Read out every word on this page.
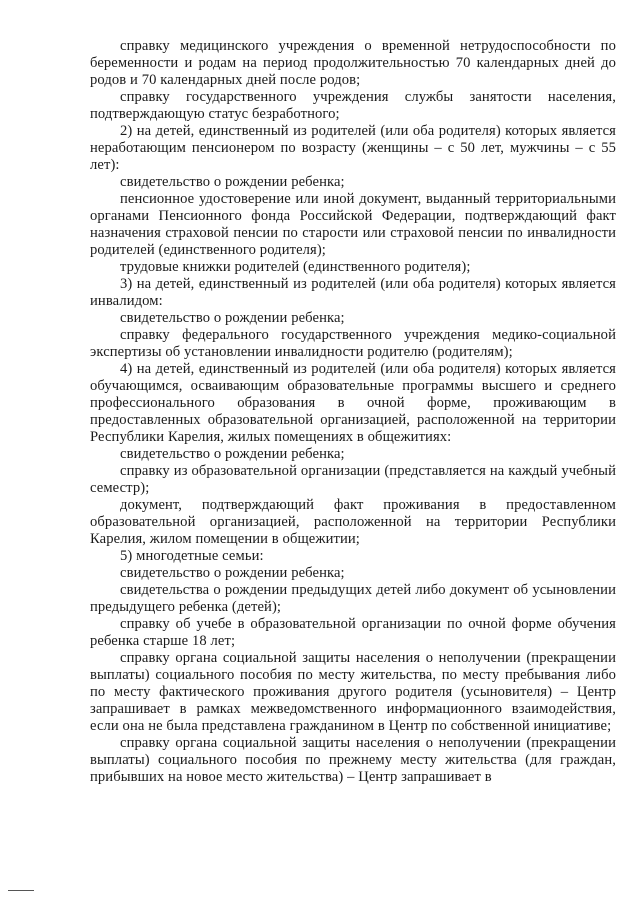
справку медицинского учреждения о временной нетрудоспособности по беременности и родам на период продолжительностью 70 календарных дней до родов и 70 календарных дней после родов;

справку государственного учреждения службы занятости населения, подтверждающую статус безработного;

2) на детей, единственный из родителей (или оба родителя) которых является неработающим пенсионером по возрасту (женщины – с 50 лет, мужчины – с 55 лет):

свидетельство о рождении ребенка;

пенсионное удостоверение или иной документ, выданный территориальными органами Пенсионного фонда Российской Федерации, подтверждающий факт назначения страховой пенсии по старости или страховой пенсии по инвалидности родителей (единственного родителя);

трудовые книжки родителей (единственного родителя);

3) на детей, единственный из родителей (или оба родителя) которых является инвалидом:

свидетельство о рождении ребенка;

справку федерального государственного учреждения медико-социальной экспертизы об установлении инвалидности родителю (родителям);

4) на детей, единственный из родителей (или оба родителя) которых является обучающимся, осваивающим образовательные программы высшего и среднего профессионального образования в очной форме, проживающим в предоставленных образовательной организацией, расположенной на территории Республики Карелия, жилых помещениях в общежитиях:

свидетельство о рождении ребенка;

справку из образовательной организации (представляется на каждый учебный семестр);

документ, подтверждающий факт проживания в предоставленном образовательной организацией, расположенной на территории Республики Карелия, жилом помещении в общежитии;

5) многодетные семьи:

свидетельство о рождении ребенка;

свидетельства о рождении предыдущих детей либо документ об усыновлении предыдущего ребенка (детей);

справку об учебе в образовательной организации по очной форме обучения ребенка старше 18 лет;

справку органа социальной защиты населения о неполучении (прекращении выплаты) социального пособия по месту жительства, по месту пребывания либо по месту фактического проживания другого родителя (усыновителя) – Центр запрашивает в рамках межведомственного информационного взаимодействия, если она не была представлена гражданином в Центр по собственной инициативе;

справку органа социальной защиты населения о неполучении (прекращении выплаты) социального пособия по прежнему месту жительства (для граждан, прибывших на новое место жительства) – Центр запрашивает в
